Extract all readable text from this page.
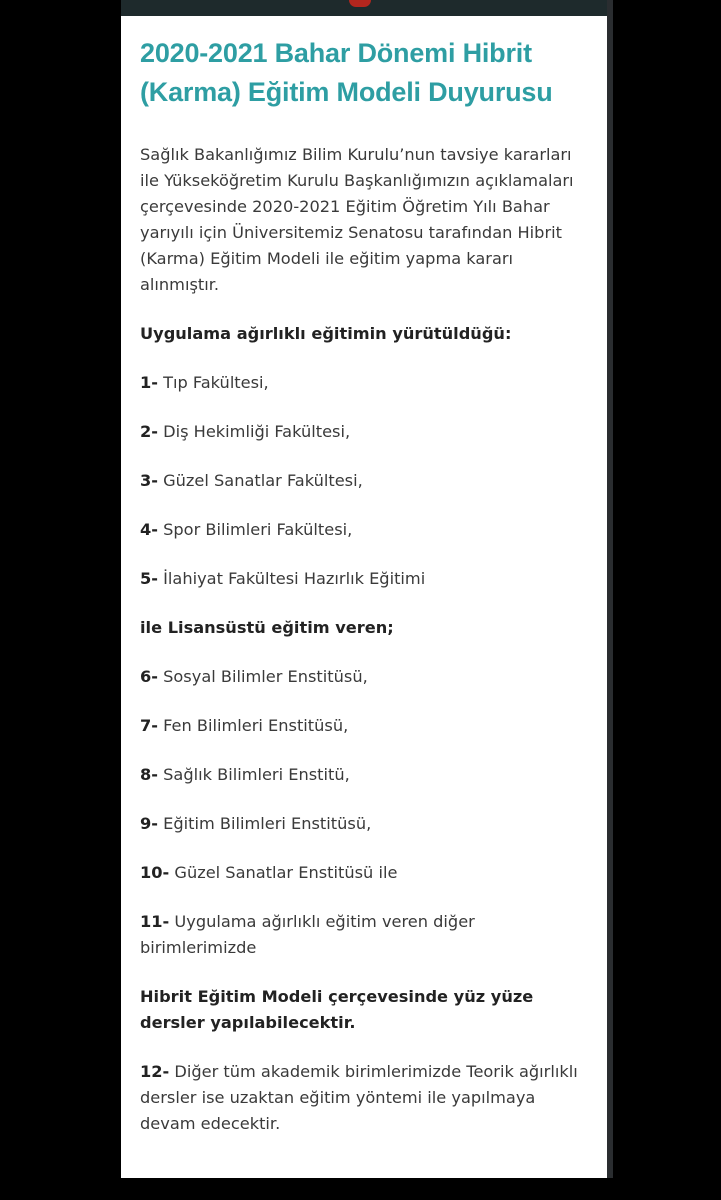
2020-2021 Bahar Dönemi Hibrit (Karma) Eğitim Modeli Duyurusu

Sağlık Bakanlığımız Bilim Kurulu’nun tavsiye kararları ile Yükseköğretim Kurulu Başkanlığımızın açıklamaları çerçevesinde 2020-2021 Eğitim Öğretim Yılı Bahar yarıyılı için Üniversitemiz Senatosu tarafından Hibrit (Karma) Eğitim Modeli ile eğitim yapma kararı alınmıştır.

Uygulama ağırlıklı eğitimin yürütüldüğü:

1- Tıp Fakültesi,

2- Diş Hekimliği Fakültesi,

3- Güzel Sanatlar Fakültesi,

4- Spor Bilimleri Fakültesi,

5- İlahiyat Fakültesi Hazırlık Eğitimi

ile Lisansüstü eğitim veren;

6- Sosyal Bilimler Enstitüsü,

7- Fen Bilimleri Enstitüsü,

8- Sağlık Bilimleri Enstitü,

9- Eğitim Bilimleri Enstitüsü,

10- Güzel Sanatlar Enstitüsü ile

11- Uygulama ağırlıklı eğitim veren diğer birimlerimizde

Hibrit Eğitim Modeli çerçevesinde yüz yüze dersler yapılabilecektir.

12- Diğer tüm akademik birimlerimizde Teorik ağırlıklı dersler ise uzaktan eğitim yöntemi ile yapılmaya devam edecektir.
